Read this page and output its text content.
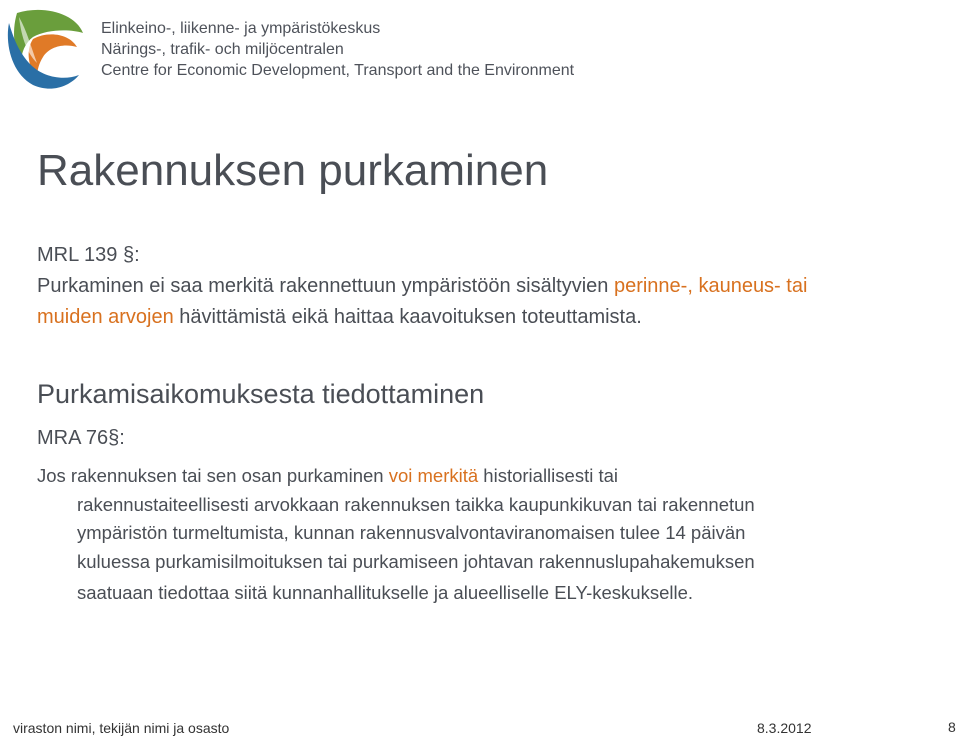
Elinkeino-, liikenne- ja ympäristökeskus
Närings-, trafik- och miljöcentralen
Centre for Economic Development, Transport and the Environment
Rakennuksen purkaminen
MRL 139 §:
Purkaminen ei saa merkitä rakennettuun ympäristöön sisältyvien perinne-, kauneus- tai
muiden arvojen hävittämistä eikä haittaa kaavoituksen toteuttamista.
Purkamisaikomuksesta tiedottaminen
MRA 76§:
Jos rakennuksen tai sen osan purkaminen voi merkitä historiallisesti tai
rakennustaiteellisesti arvokkaan rakennuksen taikka kaupunkikuvan tai rakennetun
ympäristön turmeltumista, kunnan rakennusvalvontaviranomaisen tulee 14 päivän
kuluessa purkamisilmoituksen tai purkamiseen johtavan rakennuslupahakemuksen
saatuaan tiedottaa siitä kunnanhallitukselle ja alueelliselle ELY-keskukselle.
viraston nimi, tekijän nimi ja osasto	8.3.2012	8
